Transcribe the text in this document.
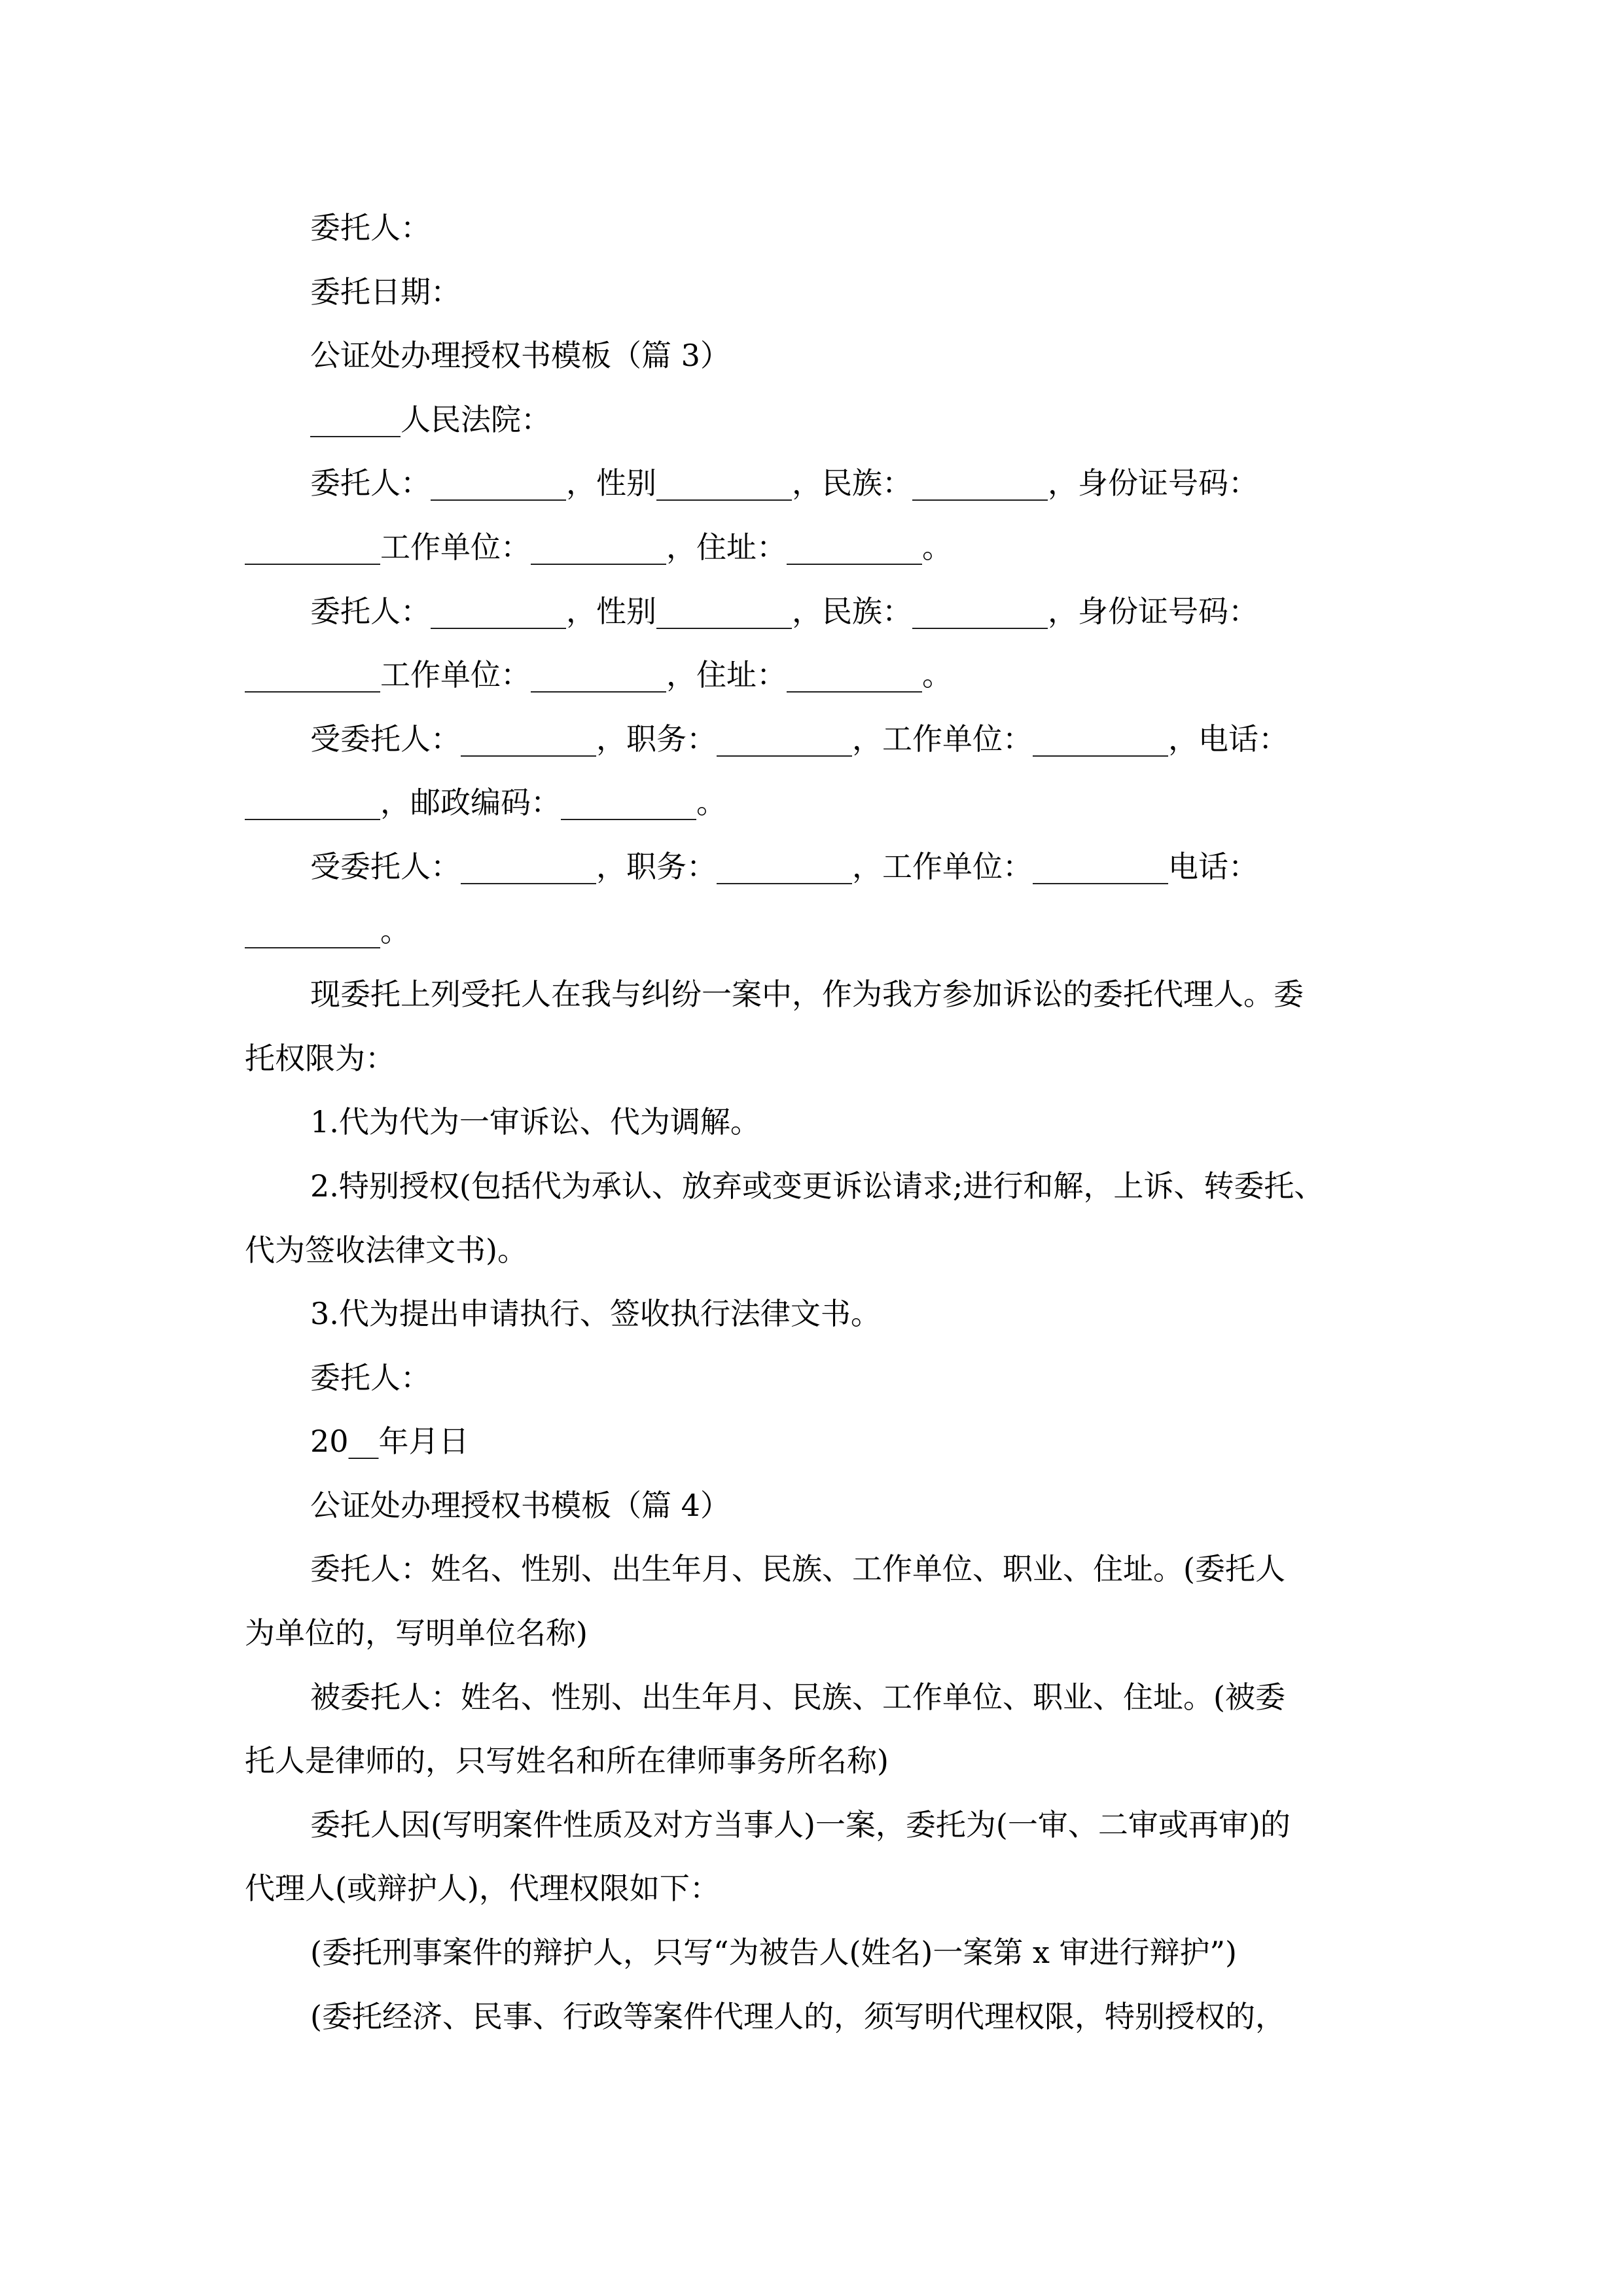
委托人：
委托日期：
公证处办理授权书模板（篇 3）
______人民法院：
委托人：_________，性别_________，民族：_________，身份证号码：
_________工作单位：_________，住址：_________。
委托人：_________，性别_________，民族：_________，身份证号码：
_________工作单位：_________，住址：_________。
受委托人：_________，职务：_________，工作单位：_________，电话：
_________，邮政编码：_________。
受委托人：_________，职务：_________，工作单位：_________电话：
_________。
现委托上列受托人在我与纠纷一案中，作为我方参加诉讼的委托代理人。委
托权限为：
1.代为代为一审诉讼、代为调解。
2.特别授权(包括代为承认、放弃或变更诉讼请求;进行和解，上诉、转委托、
代为签收法律文书)。
3.代为提出申请执行、签收执行法律文书。
委托人：
20__年月日
公证处办理授权书模板（篇 4）
委托人：姓名、性别、出生年月、民族、工作单位、职业、住址。(委托人
为单位的，写明单位名称)
被委托人：姓名、性别、出生年月、民族、工作单位、职业、住址。(被委
托人是律师的，只写姓名和所在律师事务所名称)
委托人因(写明案件性质及对方当事人)一案，委托为(一审、二审或再审)的
代理人(或辩护人)，代理权限如下：
(委托刑事案件的辩护人，只写“为被告人(姓名)一案第 x 审进行辩护”)
(委托经济、民事、行政等案件代理人的，须写明代理权限，特别授权的，
